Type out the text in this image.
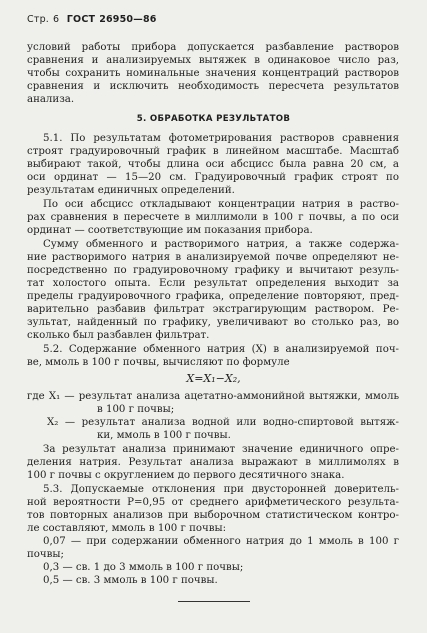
Стр. 6 ГОСТ 26950—86
условий работы прибора допускается разбавление растворов
сравнения и анализируемых вытяжек в одинаковое число раз,
чтобы сохранить номинальные значения концентраций растворов
сравнения и исключить необходимость пересчета результатов
анализа.
5. ОБРАБОТКА РЕЗУЛЬТАТОВ
5.1. По результатам фотометрирования растворов сравнения
строят градуировочный график в линейном масштабе. Масштаб
выбирают такой, чтобы длина оси абсцисс была равна 20 см, а
оси ординат — 15—20 см. Градуировочный график строят по
результатам единичных определений.
По оси абсцисс откладывают концентрации натрия в раство-
рах сравнения в пересчете в миллимоли в 100 г почвы, а по оси
ординат — соответствующие им показания прибора.
Сумму обменного и растворимого натрия, а также содержа-
ние растворимого натрия в анализируемой почве определяют не-
посредственно по градуировочному графику и вычитают резуль-
тат холостого опыта. Если результат определения выходит за
пределы градуировочного графика, определение повторяют, пред-
варительно разбавив фильтрат экстрагирующим раствором. Ре-
зультат, найденный по графику, увеличивают во столько раз, во
сколько был разбавлен фильтрат.
5.2. Содержание обменного натрия (X) в анализируемой поч-
ве, ммоль в 100 г почвы, вычисляют по формуле
X=X₁−X₂,
где X₁ — результат анализа ацетатно-аммонийной вытяжки, ммоль
в 100 г почвы;
X₂ — результат анализа водной или водно-спиртовой вытяж-
ки, ммоль в 100 г почвы.
За результат анализа принимают значение единичного опре-
деления натрия. Результат анализа выражают в миллимолях в
100 г почвы с округлением до первого десятичного знака.
5.3. Допускаемые отклонения при двусторонней доверитель-
ной вероятности P=0,95 от среднего арифметического результа-
тов повторных анализов при выборочном статистическом контро-
ле составляют, ммоль в 100 г почвы:
0,07 — при содержании обменного натрия до 1 ммоль в 100 г
почвы;
0,3 — св. 1 до 3 ммоль в 100 г почвы;
0,5 — св. 3 ммоль в 100 г почвы.
